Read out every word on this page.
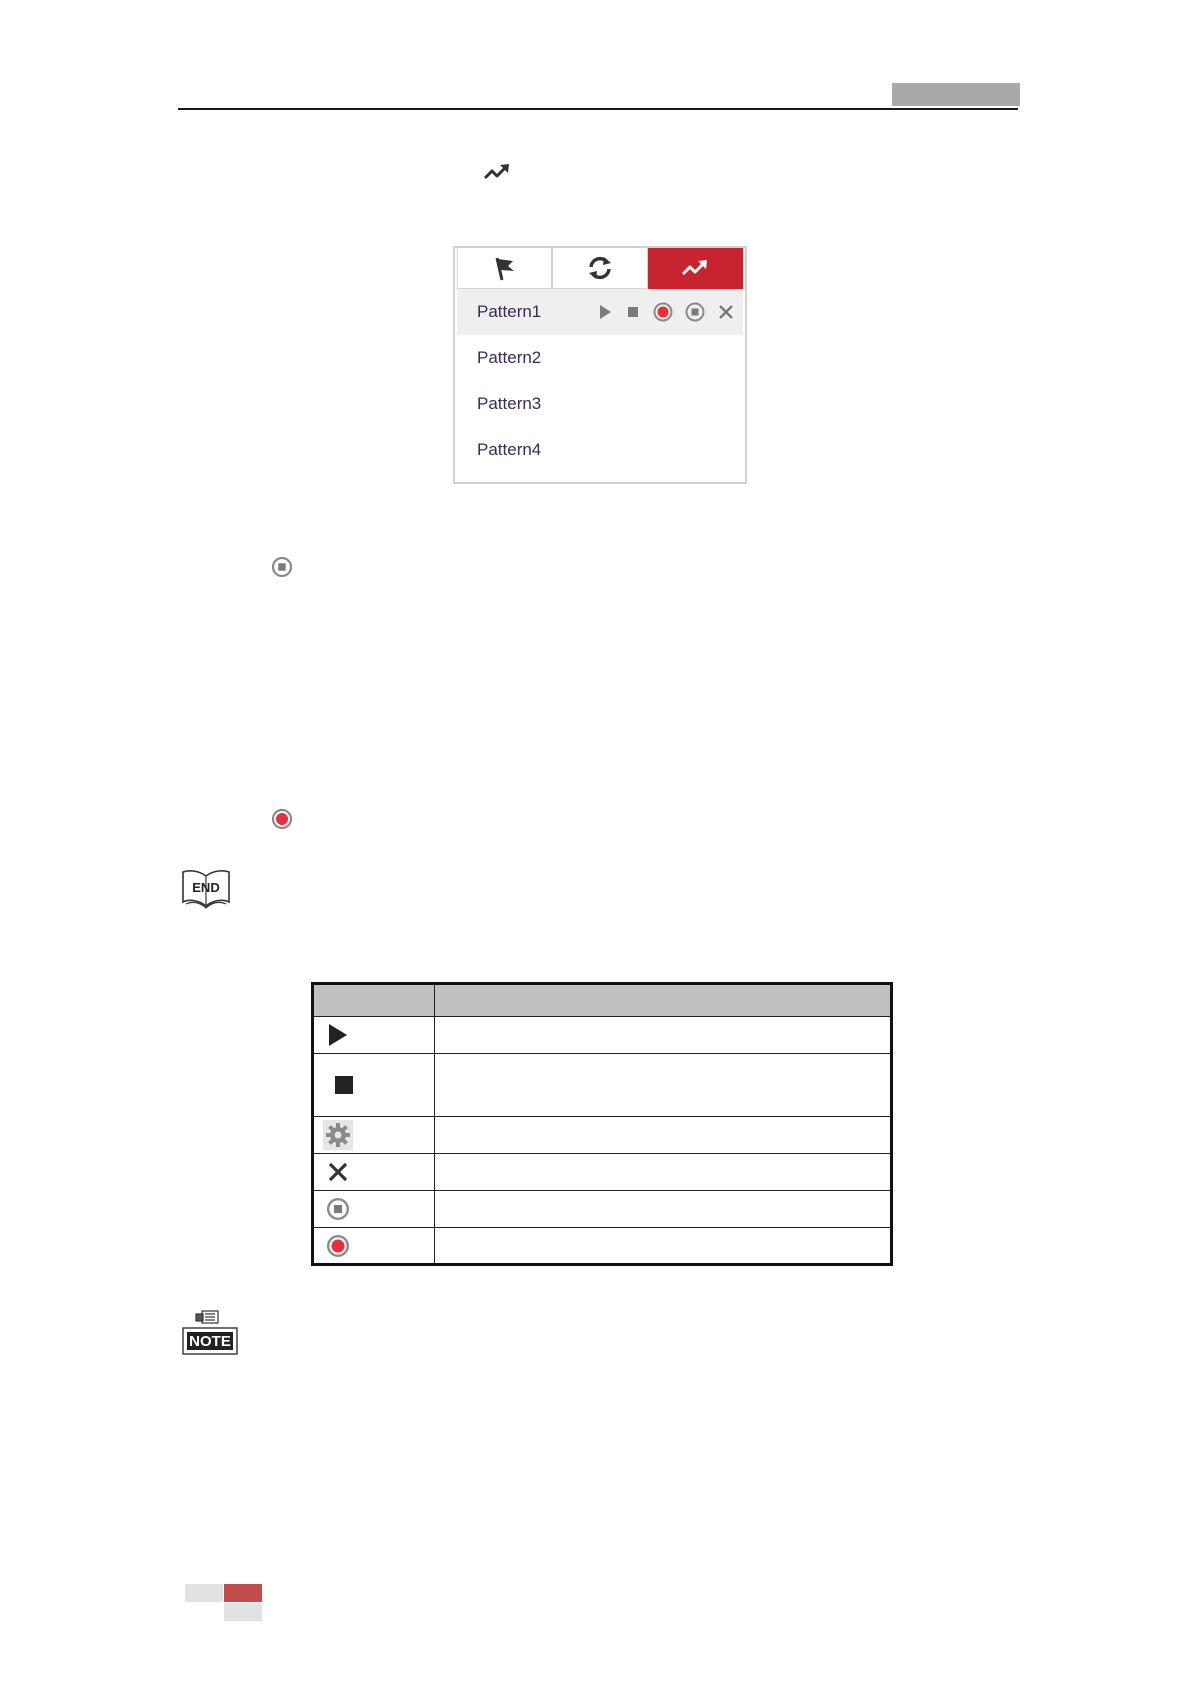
Pattern1
Pattern2
Pattern3
Pattern4
END

NOTE
